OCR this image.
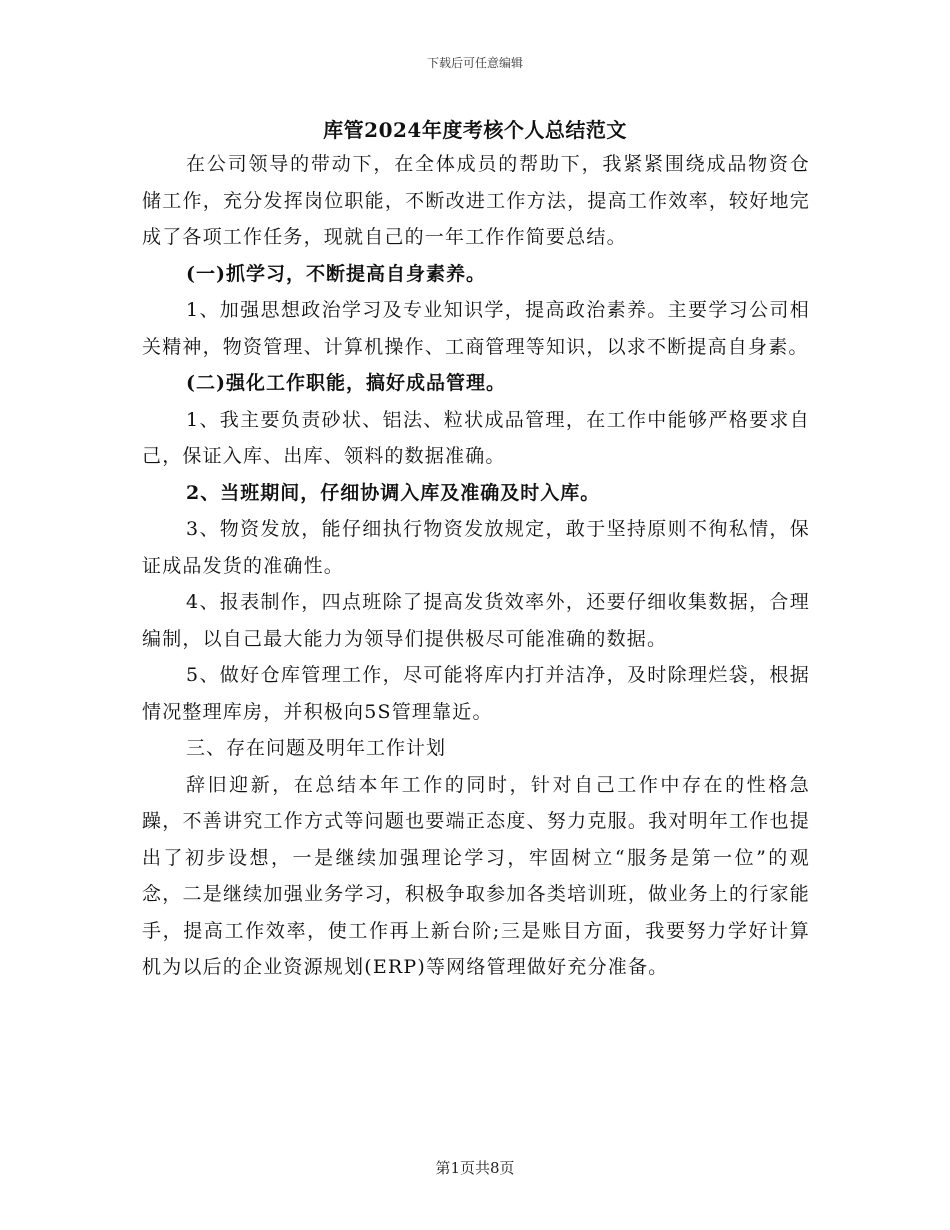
下载后可任意编辑
库管2024年度考核个人总结范文

在公司领导的带动下，在全体成员的帮助下，我紧紧围绕成品物资仓储工作，充分发挥岗位职能，不断改进工作方法，提高工作效率，较好地完成了各项工作任务，现就自己的一年工作作简要总结。

(一)抓学习，不断提高自身素养。

1、加强思想政治学习及专业知识学，提高政治素养。主要学习公司相关精神，物资管理、计算机操作、工商管理等知识，以求不断提高自身素。

(二)强化工作职能，搞好成品管理。

1、我主要负责砂状、铝法、粒状成品管理，在工作中能够严格要求自己，保证入库、出库、领料的数据准确。

2、当班期间，仔细协调入库及准确及时入库。

3、物资发放，能仔细执行物资发放规定，敢于坚持原则不徇私情，保证成品发货的准确性。

4、报表制作，四点班除了提高发货效率外，还要仔细收集数据，合理编制，以自己最大能力为领导们提供极尽可能准确的数据。

5、做好仓库管理工作，尽可能将库内打并洁净，及时除理烂袋，根据情况整理库房，并积极向5S管理靠近。

三、存在问题及明年工作计划

辞旧迎新，在总结本年工作的同时，针对自己工作中存在的性格急躁，不善讲究工作方式等问题也要端正态度、努力克服。我对明年工作也提出了初步设想，一是继续加强理论学习，牢固树立“服务是第一位”的观念，二是继续加强业务学习，积极争取参加各类培训班，做业务上的行家能手，提高工作效率，使工作再上新台阶;三是账目方面，我要努力学好计算机为以后的企业资源规划(ERP)等网络管理做好充分准备。

第1页共8页
